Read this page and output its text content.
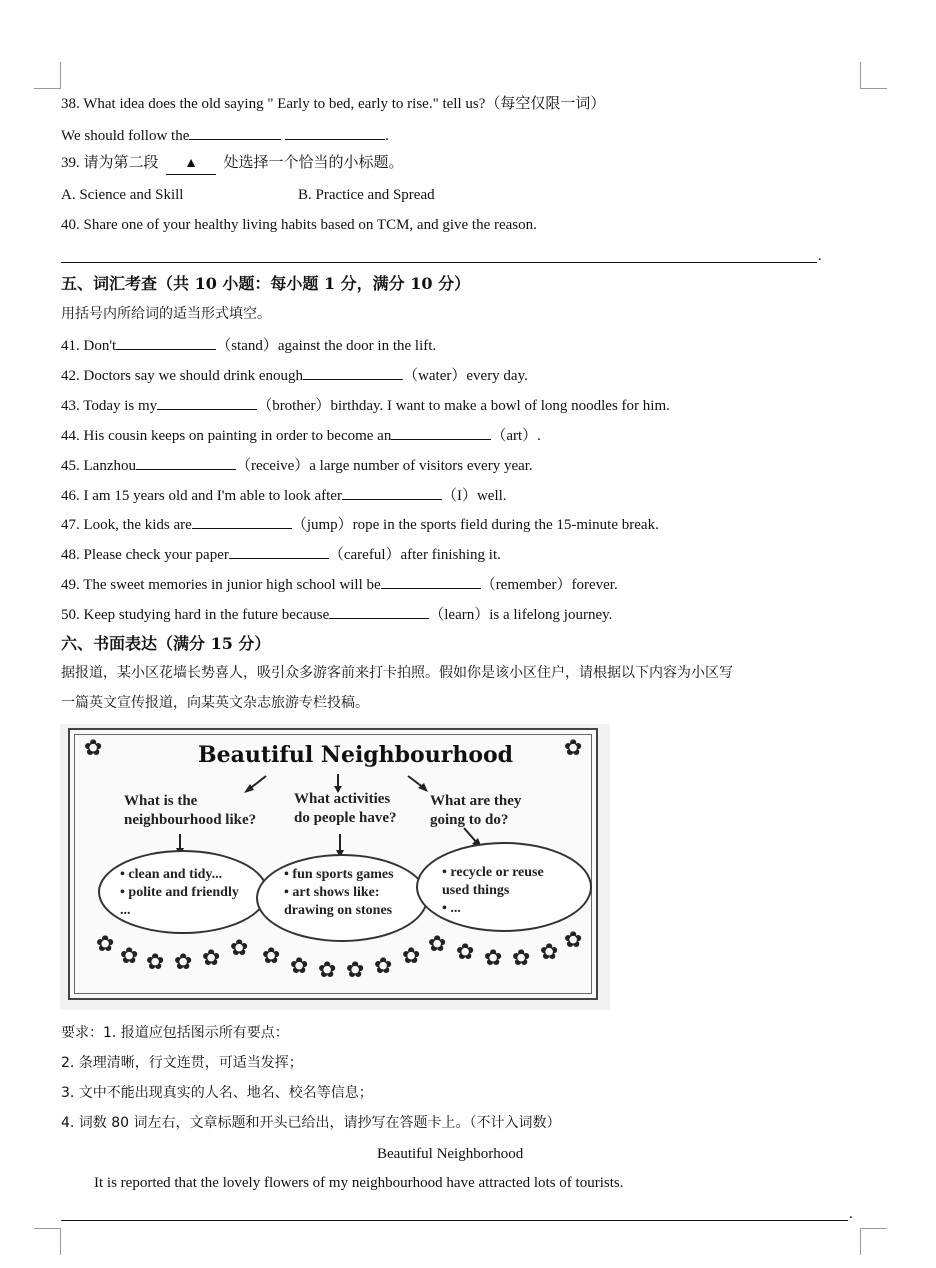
38. What idea does the old saying " Early to bed, early to rise." tell us?（每空仅限一词）
We should follow the	.
39. 请为第二段 ▲ 处选择一个恰当的小标题。
A. Science and Skill	B. Practice and Spread
40. Share one of your healthy living habits based on TCM, and give the reason.
.
五、词汇考查（共 10 小题：每小题 1 分，满分 10 分）
用括号内所给词的适当形式填空。
41. Don't	（stand）against the door in the lift.
42. Doctors say we should drink enough	（water）every day.
43. Today is my	（brother）birthday. I want to make a bowl of long noodles for him.
44. His cousin keeps on painting in order to become an	（art）.
45. Lanzhou	（receive）a large number of visitors every year.
46. I am 15 years old and I'm able to look after	（I）well.
47. Look, the kids are	（jump）rope in the sports field during the 15-minute break.
48. Please check your paper	（careful）after finishing it.
49. The sweet memories in junior high school will be	（remember）forever.
50. Keep studying hard in the future because	（learn）is a lifelong journey.
六、书面表达（满分 15 分）
据报道，某小区花墙长势喜人，吸引众多游客前来打卡拍照。假如你是该小区住户，请根据以下内容为小区写
一篇英文宣传报道，向某英文杂志旅游专栏投稿。
✿	✿
Beautiful Neighbourhood
What is the
neighbourhood like?
What activities
do people have?
What are they
going to do?
• clean and tidy...
• polite and friendly
...
• fun sports games
• art shows like:
drawing on stones
• recycle or reuse
used things
• ...
✿ ✿ ✿ ✿ ✿ ✿ ✿ ✿ ✿ ✿ ✿ ✿ ✿ ✿ ✿ ✿ ✿ ✿
要求：1. 报道应包括图示所有要点：
2. 条理清晰，行文连贯，可适当发挥；
3. 文中不能出现真实的人名、地名、校名等信息；
4. 词数 80 词左右，文章标题和开头已给出，请抄写在答题卡上。（不计入词数）
Beautiful Neighborhood
It is reported that the lovely flowers of my neighbourhood have attracted lots of tourists.
.
